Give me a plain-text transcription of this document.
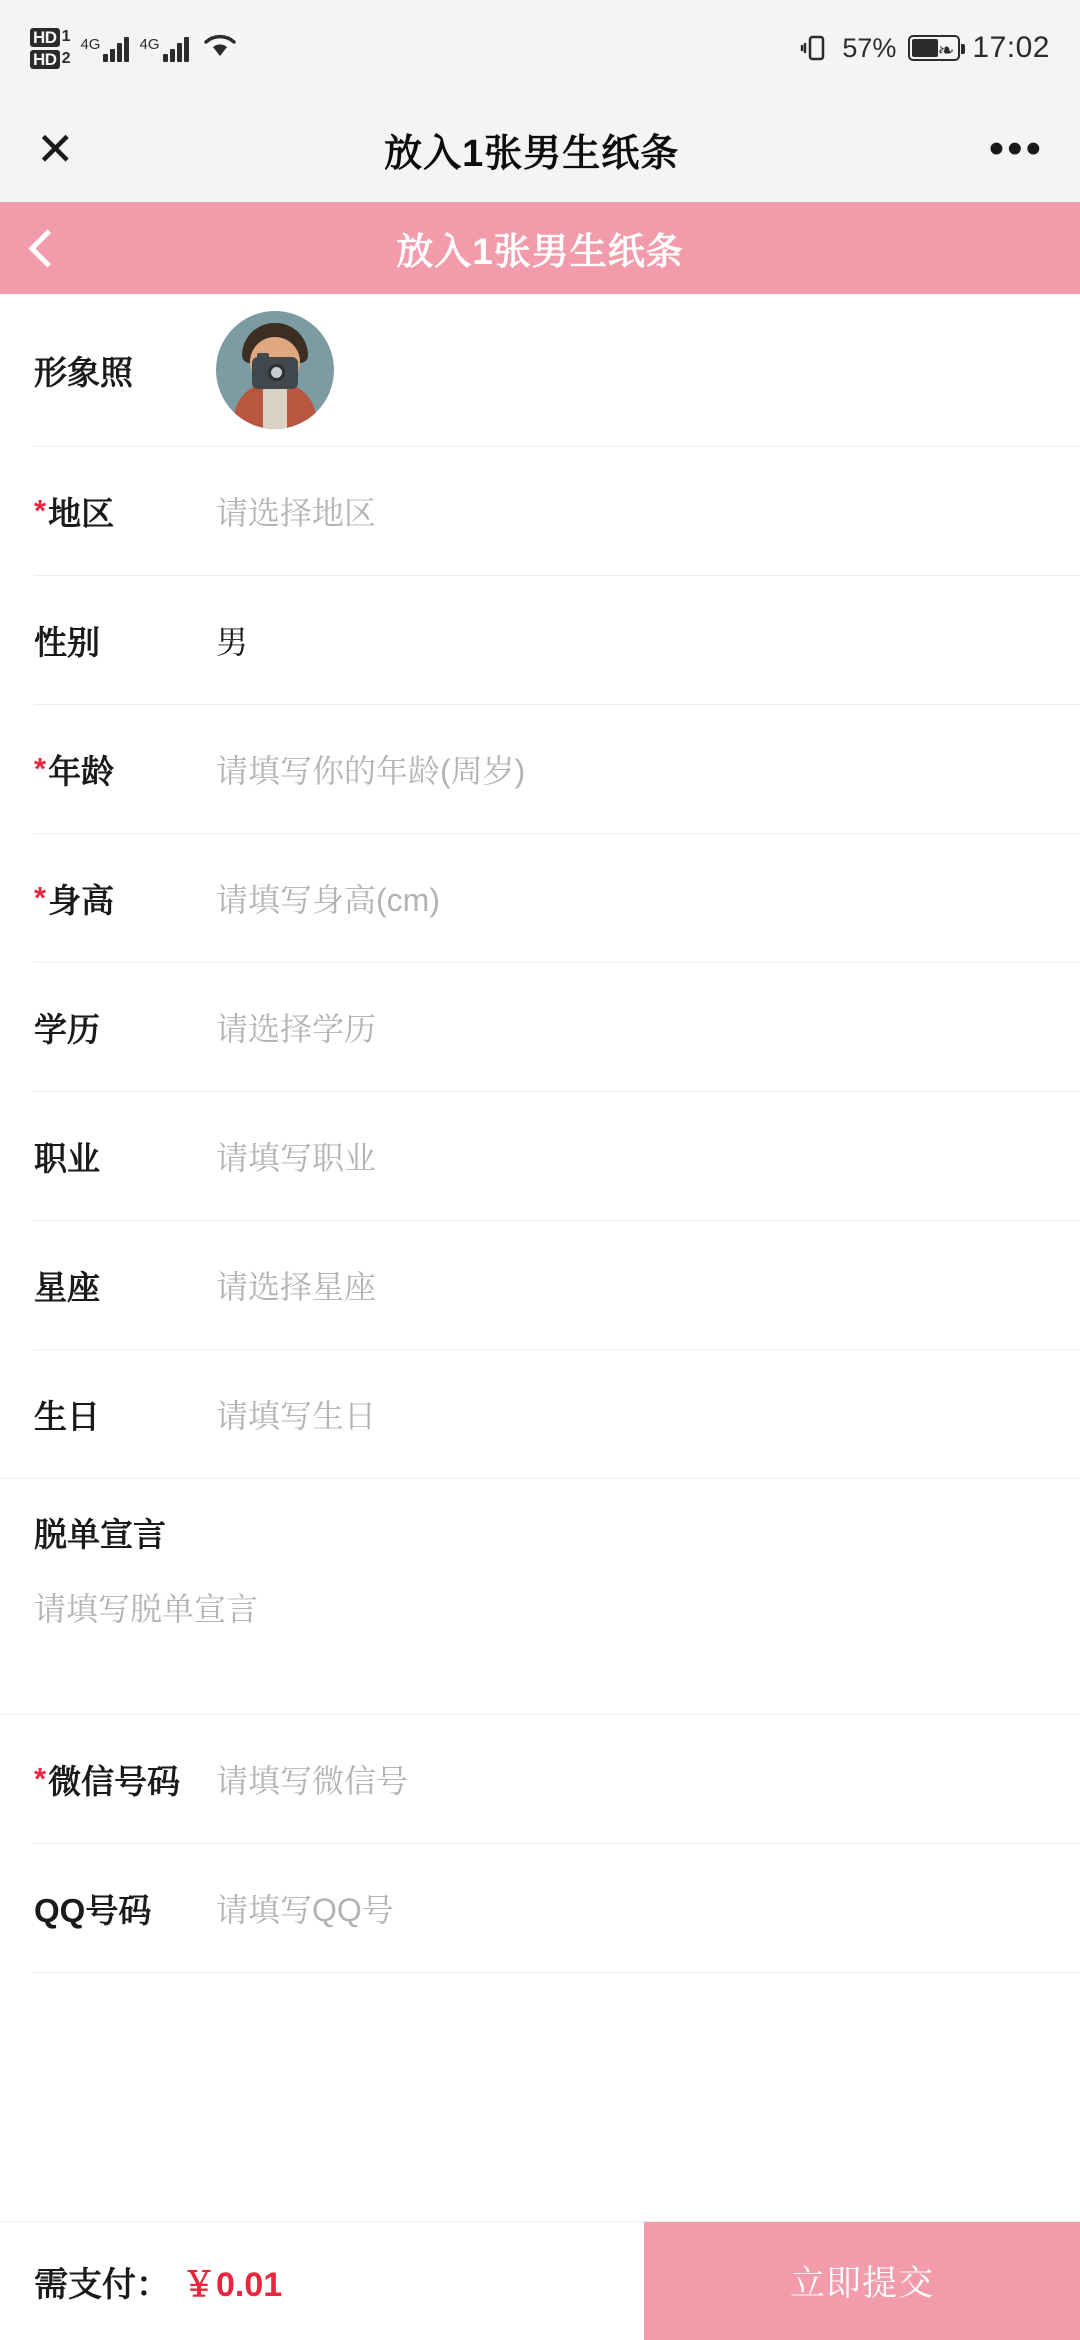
HD 1
HD 2
4G	4G	57% ❧ 17:02
✕	放入1张男生纸条	•••
放入1张男生纸条
形象照
* 地区	请选择地区
性别	男
* 年龄	请填写你的年龄(周岁)
* 身高	请填写身高(cm)
学历	请选择学历
职业	请填写职业
星座	请选择星座
生日	请填写生日
脱单宣言
请填写脱单宣言
* 微信号码 请填写微信号
QQ号码	请填写QQ号
需支付： ￥0.01	立即提交
